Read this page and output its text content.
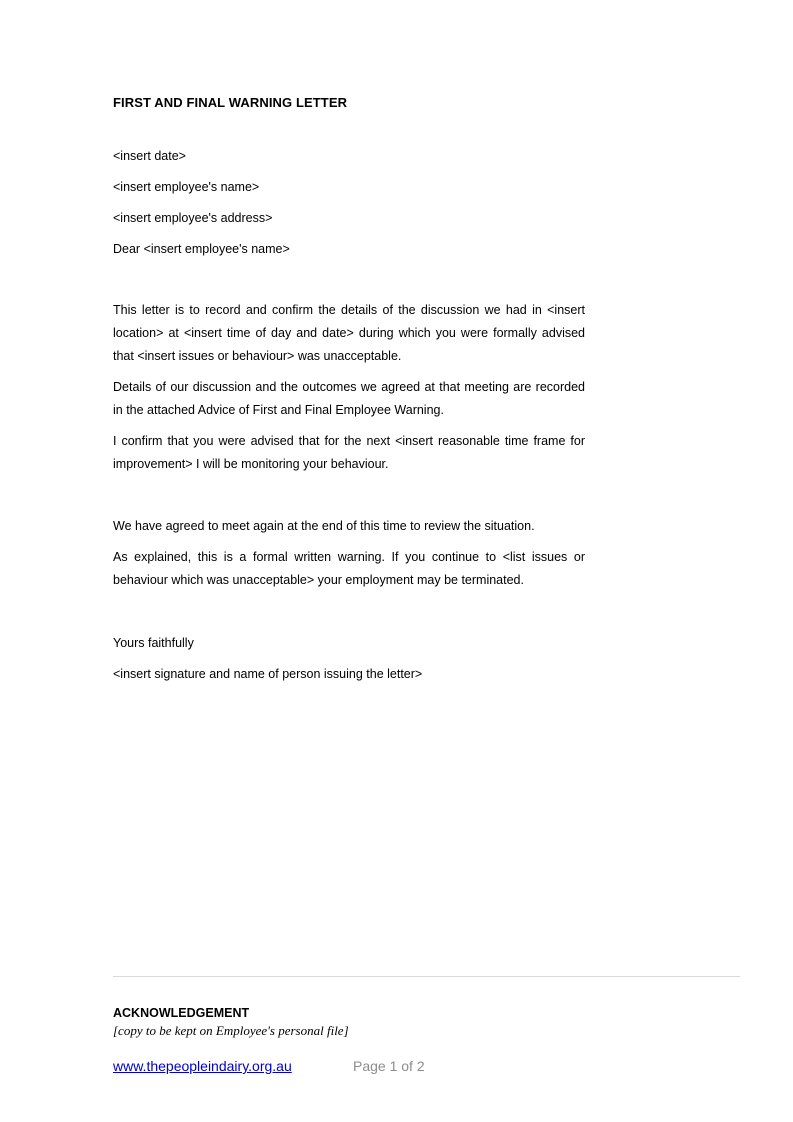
FIRST AND FINAL WARNING LETTER
<insert date>
<insert employee's name>
<insert employee's address>
Dear <insert employee's name>
This letter is to record and confirm the details of the discussion we had in <insert location> at <insert time of day and date> during which you were formally advised that <insert issues or behaviour> was unacceptable.
Details of our discussion and the outcomes we agreed at that meeting are recorded in the attached Advice of First and Final Employee Warning.
I confirm that you were advised that for the next <insert reasonable time frame for improvement> I will be monitoring your behaviour.
We have agreed to meet again at the end of this time to review the situation.
As explained, this is a formal written warning. If you continue to <list issues or behaviour which was unacceptable> your employment may be terminated.
Yours faithfully
<insert signature and name of person issuing the letter>
ACKNOWLEDGEMENT
[copy to be kept on Employee's personal file]
www.thepeopleindairy.org.au	Page 1 of 2
